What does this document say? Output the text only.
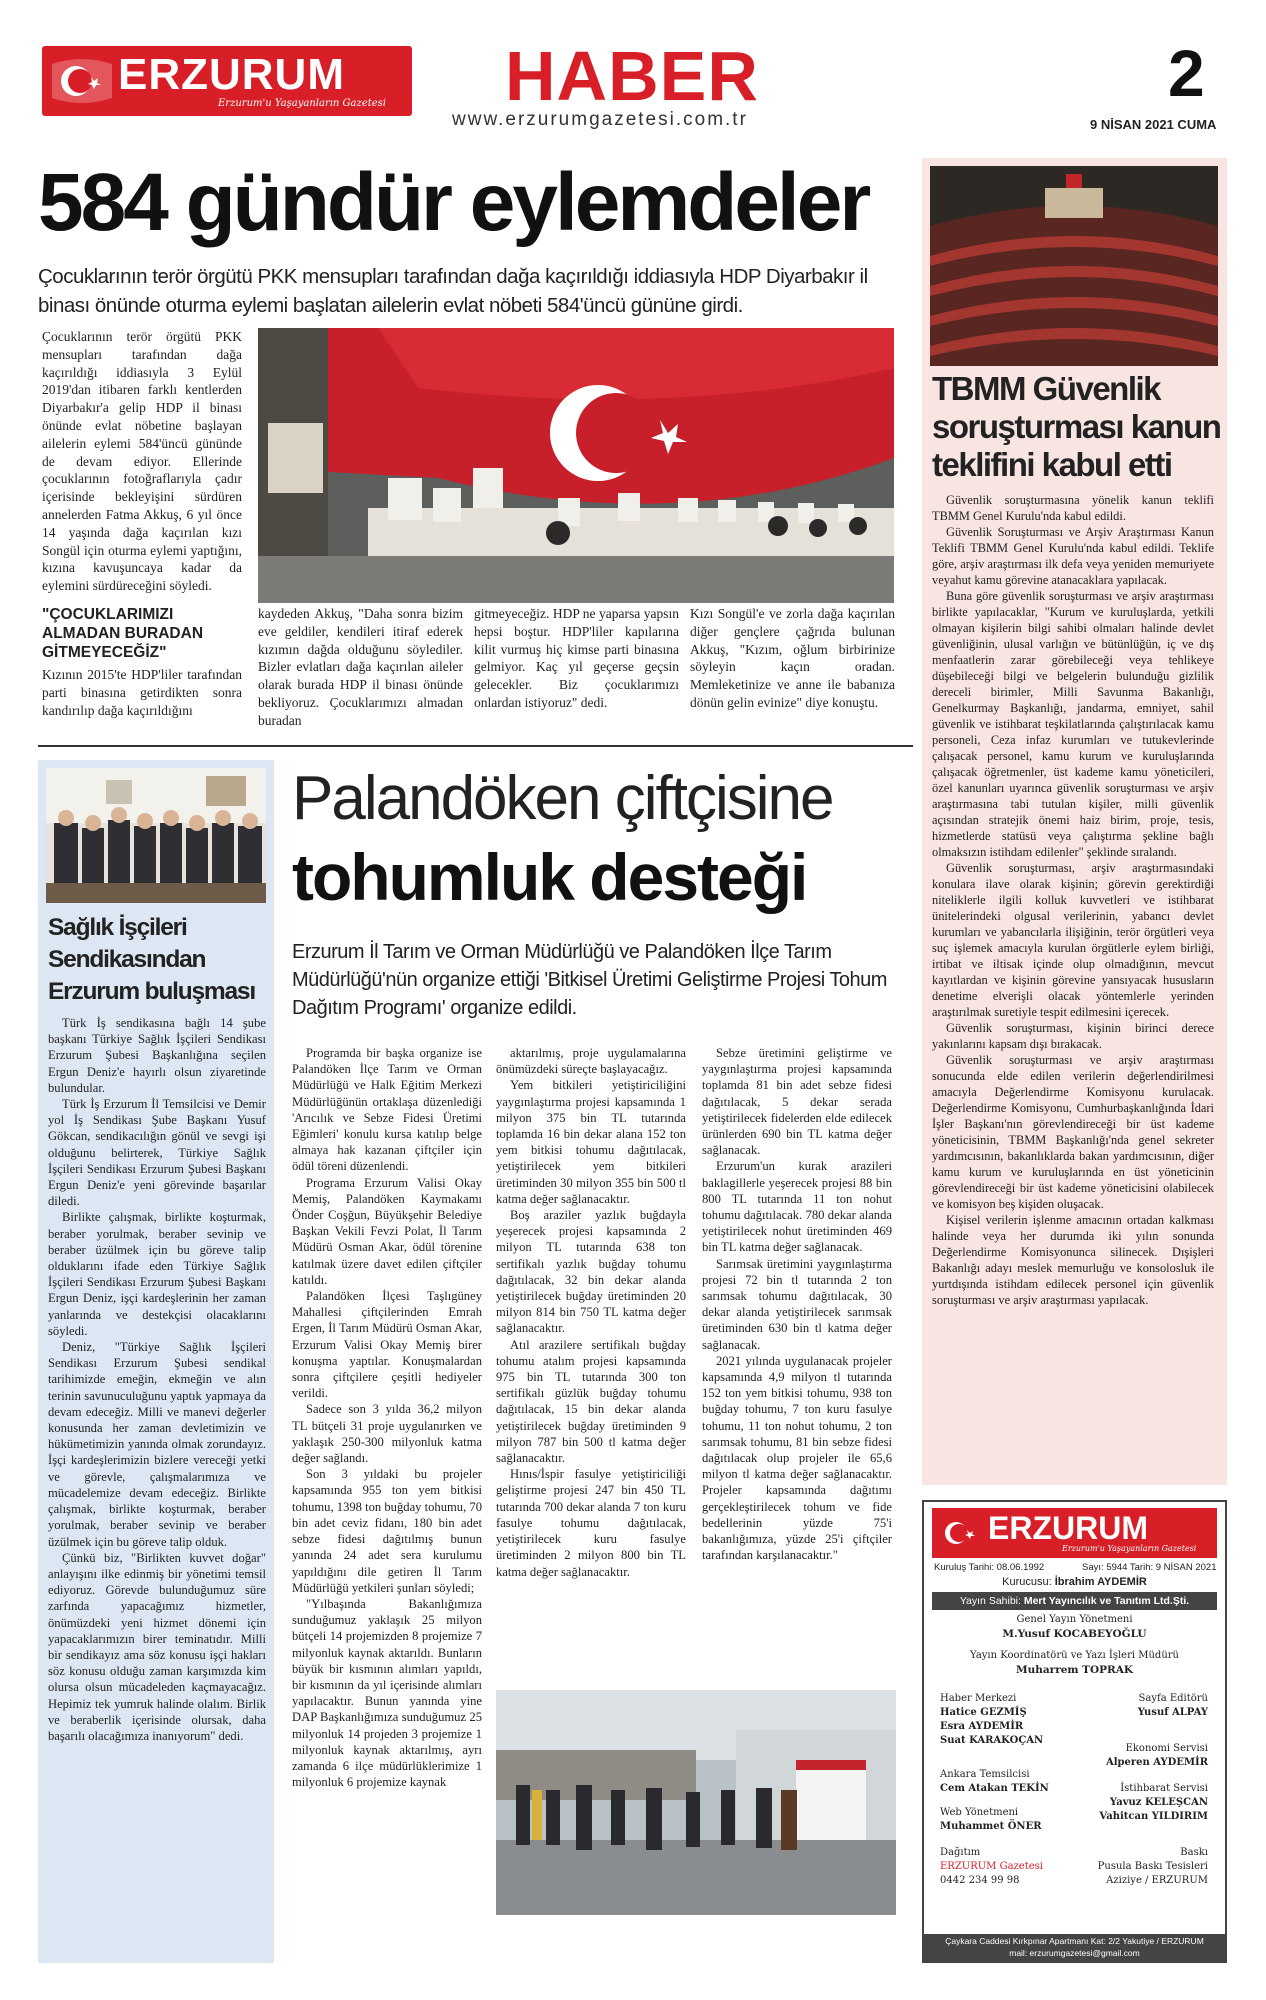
ERZURUM
Erzurum'u Yaşayanların Gazetesi HABER
www.erzurumgazetesi.com.tr
2
9 NİSAN 2021 CUMA
584 gündür eylemdeler
Çocuklarının terör örgütü PKK mensupları tarafından dağa kaçırıldığı iddiasıyla HDP Diyarbakır il binası önünde oturma eylemi başlatan ailelerin evlat nöbeti 584'üncü gününe girdi.
Çocuklarının terör örgütü PKK mensupları tarafından dağa kaçırıldığı iddiasıyla 3 Eylül 2019'dan itibaren farklı kentlerden Diyarbakır'a gelip HDP il binası önünde evlat nöbetine başlayan ailelerin eylemi 584'üncü gününde de devam ediyor. Ellerinde çocuklarının fotoğraflarıyla çadır içerisinde bekleyişini sürdüren annelerden Fatma Akkuş, 6 yıl önce 14 yaşında dağa kaçırılan kızı Songül için oturma eylemi yaptığını, kızına kavuşuncaya kadar da eylemini sürdüreceğini söyledi.
"ÇOCUKLARIMIZI ALMADAN BURADAN GİTMEYECEĞİZ"
Kızının 2015'te HDP'liler tarafından parti binasına getirdikten sonra kandırılıp dağa kaçırıldığını
kaydeden Akkuş, "Daha sonra bizim eve geldiler, kendileri itiraf ederek kızımın dağda olduğunu söylediler. Bizler evlatları dağa kaçırılan aileler olarak burada HDP il binası önünde bekliyoruz. Çocuklarımızı almadan buradan
gitmeyeceğiz. HDP ne yaparsa yapsın hepsi boştur. HDP'liler kapılarına kilit vurmuş hiç kimse parti binasına gelmiyor. Kaç yıl geçerse geçsin gelecekler. Biz çocuklarımızı onlardan istiyoruz" dedi.
Kızı Songül'e ve zorla dağa kaçırılan diğer gençlere çağrıda bulunan Akkuş, "Kızım, oğlum birbirinize söyleyin kaçın oradan. Memleketinize ve anne ile babanıza dönün gelin evinize" diye konuştu.
TBMM Güvenlik soruşturması kanun teklifini kabul etti

Güvenlik soruşturmasına yönelik kanun teklifi TBMM Genel Kurulu'nda kabul edildi.

Güvenlik Soruşturması ve Arşiv Araştırması Kanun Teklifi TBMM Genel Kurulu'nda kabul edildi. Teklife göre, arşiv araştırması ilk defa veya yeniden memuriyete veyahut kamu görevine atanacaklara yapılacak.

Buna göre güvenlik soruşturması ve arşiv araştırması birlikte yapılacaklar, "Kurum ve kuruluşlarda, yetkili olmayan kişilerin bilgi sahibi olmaları halinde devlet güvenliğinin, ulusal varlığın ve bütünlüğün, iç ve dış menfaatlerin zarar görebileceği veya tehlikeye düşebileceği bilgi ve belgelerin bulunduğu gizlilik dereceli birimler, Milli Savunma Bakanlığı, Genelkurmay Başkanlığı, jandarma, emniyet, sahil güvenlik ve istihbarat teşkilatlarında çalıştırılacak kamu personeli, Ceza infaz kurumları ve tutukevlerinde çalışacak personel, kamu kurum ve kuruluşlarında çalışacak öğretmenler, üst kademe kamu yöneticileri, özel kanunları uyarınca güvenlik soruşturması ve arşiv araştırmasına tabi tutulan kişiler, milli güvenlik açısından stratejik önemi haiz birim, proje, tesis, hizmetlerde statüsü veya çalıştırma şekline bağlı olmaksızın istihdam edilenler" şeklinde sıralandı.

Güvenlik soruşturması, arşiv araştırmasındaki konulara ilave olarak kişinin; görevin gerektirdiği niteliklerle ilgili kolluk kuvvetleri ve istihbarat ünitelerindeki olgusal verilerinin, yabancı devlet kurumları ve yabancılarla ilişiğinin, terör örgütleri veya suç işlemek amacıyla kurulan örgütlerle eylem birliği, irtibat ve iltisak içinde olup olmadığının, mevcut kayıtlardan ve kişinin görevine yansıyacak hususların denetime elverişli olacak yöntemlerle yerinden araştırılmak suretiyle tespit edilmesini içerecek.

Güvenlik soruşturması, kişinin birinci derece yakınlarını kapsam dışı bırakacak.

Güvenlik soruşturması ve arşiv araştırması sonucunda elde edilen verilerin değerlendirilmesi amacıyla Değerlendirme Komisyonu kurulacak. Değerlendirme Komisyonu, Cumhurbaşkanlığında İdari İşler Başkanı'nın görevlendireceği bir üst kademe yöneticisinin, TBMM Başkanlığı'nda genel sekreter yardımcısının, bakanlıklarda bakan yardımcısının, diğer kamu kurum ve kuruluşlarında en üst yöneticinin görevlendireceği bir üst kademe yöneticisini olabilecek ve komisyon beş kişiden oluşacak.

Kişisel verilerin işlenme amacının ortadan kalkması halinde veya her durumda iki yılın sonunda Değerlendirme Komisyonunca silinecek. Dışişleri Bakanlığı adayı meslek memurluğu ve konsolosluk ile yurtdışında istihdam edilecek personel için güvenlik soruşturması ve arşiv araştırması yapılacak.

Sağlık İşçileri Sendikasından Erzurum buluşması

Türk İş sendikasına bağlı 14 şube başkanı Türkiye Sağlık İşçileri Sendikası Erzurum Şubesi Başkanlığına seçilen Ergun Deniz'e hayırlı olsun ziyaretinde bulundular.

Türk İş Erzurum İl Temsilcisi ve Demir yol İş Sendikası Şube Başkanı Yusuf Gökcan, sendikacılığın gönül ve sevgi işi olduğunu belirterek, Türkiye Sağlık İşçileri Sendikası Erzurum Şubesi Başkanı Ergun Deniz'e yeni görevinde başarılar diledi.

Birlikte çalışmak, birlikte koşturmak, beraber yorulmak, beraber sevinip ve beraber üzülmek için bu göreve talip olduklarını ifade eden Türkiye Sağlık İşçileri Sendikası Erzurum Şubesi Başkanı Ergun Deniz, işçi kardeşlerinin her zaman yanlarında ve destekçisi olacaklarını söyledi.

Deniz, "Türkiye Sağlık İşçileri Sendikası Erzurum Şubesi sendikal tarihimizde emeğin, ekmeğin ve alın terinin savunuculuğunu yaptık yapmaya da devam edeceğiz. Milli ve manevi değerler konusunda her zaman devletimizin ve hükümetimizin yanında olmak zorundayız. İşçi kardeşlerimizin bizlere vereceği yetki ve görevle, çalışmalarımıza ve mücadelemize devam edeceğiz. Birlikte çalışmak, birlikte koşturmak, beraber yorulmak, beraber sevinip ve beraber üzülmek için bu göreve talip olduk.

Çünkü biz, "Birlikten kuvvet doğar" anlayışını ilke edinmiş bir yönetimi temsil ediyoruz. Görevde bulunduğumuz süre zarfında yapacağımız hizmetler, önümüzdeki yeni hizmet dönemi için yapacaklarımızın birer teminatıdır. Milli bir sendikayız ama söz konusu işçi hakları söz konusu olduğu zaman karşımızda kim olursa olsun mücadeleden kaçmayacağız. Hepimiz tek yumruk halinde olalım. Birlik ve beraberlik içerisinde olursak, daha başarılı olacağımıza inanıyorum" dedi.

Palandöken çiftçisine
tohumluk desteği
Erzurum İl Tarım ve Orman Müdürlüğü ve Palandöken İlçe Tarım Müdürlüğü'nün organize ettiği 'Bitkisel Üretimi Geliştirme Projesi Tohum Dağıtım Programı' organize edildi.

Programda bir başka organize ise Palandöken İlçe Tarım ve Orman Müdürlüğü ve Halk Eğitim Merkezi Müdürlüğünün ortaklaşa düzenlediği 'Arıcılık ve Sebze Fidesi Üretimi Eğimleri' konulu kursa katılıp belge almaya hak kazanan çiftçiler için ödül töreni düzenlendi.

Programa Erzurum Valisi Okay Memiş, Palandöken Kaymakamı Önder Coşğun, Büyükşehir Belediye Başkan Vekili Fevzi Polat, İl Tarım Müdürü Osman Akar, ödül törenine katılmak üzere davet edilen çiftçiler katıldı.

Palandöken İlçesi Taşlıgüney Mahallesi çiftçilerinden Emrah Ergen, İl Tarım Müdürü Osman Akar, Erzurum Valisi Okay Memiş birer konuşma yaptılar. Konuşmalardan sonra çiftçilere çeşitli hediyeler verildi.

Sadece son 3 yılda 36,2 milyon TL bütçeli 31 proje uygulanırken ve yaklaşık 250-300 milyonluk katma değer sağlandı.

Son 3 yıldaki bu projeler kapsamında 955 ton yem bitkisi tohumu, 1398 ton buğday tohumu, 70 bin adet ceviz fidanı, 180 bin adet sebze fidesi dağıtılmış bunun yanında 24 adet sera kurulumu yapıldığını dile getiren İl Tarım Müdürlüğü yetkileri şunları söyledi;

"Yılbaşında Bakanlığımıza sunduğumuz yaklaşık 25 milyon bütçeli 14 projemizden 8 projemize 7 milyonluk kaynak aktarıldı. Bunların büyük bir kısmının alımları yapıldı, bir kısmının da yıl içerisinde alımları yapılacaktır. Bunun yanında yine DAP Başkanlığımıza sunduğumuz 25 milyonluk 14 projeden 3 projemize 1 milyonluk kaynak aktarılmış, ayrı zamanda 6 ilçe müdürlüklerimize 1 milyonluk 6 projemize kaynak

aktarılmış, proje uygulamalarına önümüzdeki süreçte başlayacağız.

Yem bitkileri yetiştiriciliğini yaygınlaştırma projesi kapsamında 1 milyon 375 bin TL tutarında toplamda 16 bin dekar alana 152 ton yem bitkisi tohumu dağıtılacak, yetiştirilecek yem bitkileri üretiminden 30 milyon 355 bin 500 tl katma değer sağlanacaktır.

Boş araziler yazlık buğdayla yeşerecek projesi kapsamında 2 milyon TL tutarında 638 ton sertifikalı yazlık buğday tohumu dağıtılacak, 32 bin dekar alanda yetiştirilecek buğday üretiminden 20 milyon 814 bin 750 TL katma değer sağlanacaktır.

Atıl arazilere sertifikalı buğday tohumu atalım projesi kapsamında 975 bin TL tutarında 300 ton sertifikalı güzlük buğday tohumu dağıtılacak, 15 bin dekar alanda yetiştirilecek buğday üretiminden 9 milyon 787 bin 500 tl katma değer sağlanacaktır.

Hınıs/İspir fasulye yetiştiriciliği geliştirme projesi 247 bin 450 TL tutarında 700 dekar alanda 7 ton kuru fasulye tohumu dağıtılacak, yetiştirilecek kuru fasulye üretiminden 2 milyon 800 bin TL katma değer sağlanacaktır.

Sebze üretimini geliştirme ve yaygınlaştırma projesi kapsamında toplamda 81 bin adet sebze fidesi dağıtılacak, 5 dekar serada yetiştirilecek fidelerden elde edilecek ürünlerden 690 bin TL katma değer sağlanacak.

Erzurum'un kurak arazileri baklagillerle yeşerecek projesi 88 bin 800 TL tutarında 11 ton nohut tohumu dağıtılacak. 780 dekar alanda yetiştirilecek nohut üretiminden 469 bin TL katma değer sağlanacak.

Sarımsak üretimini yaygınlaştırma projesi 72 bin tl tutarında 2 ton sarımsak tohumu dağıtılacak, 30 dekar alanda yetiştirilecek sarımsak üretiminden 630 bin tl katma değer sağlanacak.

2021 yılında uygulanacak projeler kapsamında 4,9 milyon tl tutarında 152 ton yem bitkisi tohumu, 938 ton buğday tohumu, 7 ton kuru fasulye tohumu, 11 ton nohut tohumu, 2 ton sarımsak tohumu, 81 bin sebze fidesi dağıtılacak olup projeler ile 65,6 milyon tl katma değer sağlanacaktır. Projeler kapsamında dağıtımı gerçekleştirilecek tohum ve fide bedellerinin yüzde 75'i bakanlığımıza, yüzde 25'i çiftçiler tarafından karşılanacaktır."

ERZURUM
Erzurum'u Yaşayanların Gazetesi
Kuruluş Tarihi: 08.06.1992	Sayı: 5944 Tarih: 9 NİSAN 2021
Kurucusu: İbrahim AYDEMİR
Yayın Sahibi: Mert Yayıncılık ve Tanıtım Ltd.Şti.
Genel Yayın Yönetmeni
M.Yusuf KOCABEYOĞLU
Yayın Koordinatörü ve Yazı İşleri Müdürü
Muharrem TOPRAK
Haber Merkezi
Hatice GEZMİŞ
Esra AYDEMİR
Suat KARAKOÇAN
Sayfa Editörü
Yusuf ALPAY
Ekonomi Servisi
Alperen AYDEMİR
Ankara Temsilcisi
Cem Atakan TEKİN	İstihbarat Servisi
Yavuz KELEŞCAN
Vahitcan YILDIRIM
Web Yönetmeni
Muhammet ÖNER
Dağıtım
ERZURUM Gazetesi
0442 234 99 98
Baskı
Pusula Baskı Tesisleri
Aziziye / ERZURUM
Çaykara Caddesi Kırkpınar Apartmanı Kat: 2/2 Yakutiye / ERZURUM
mail: erzurumgazetesi@gmail.com
